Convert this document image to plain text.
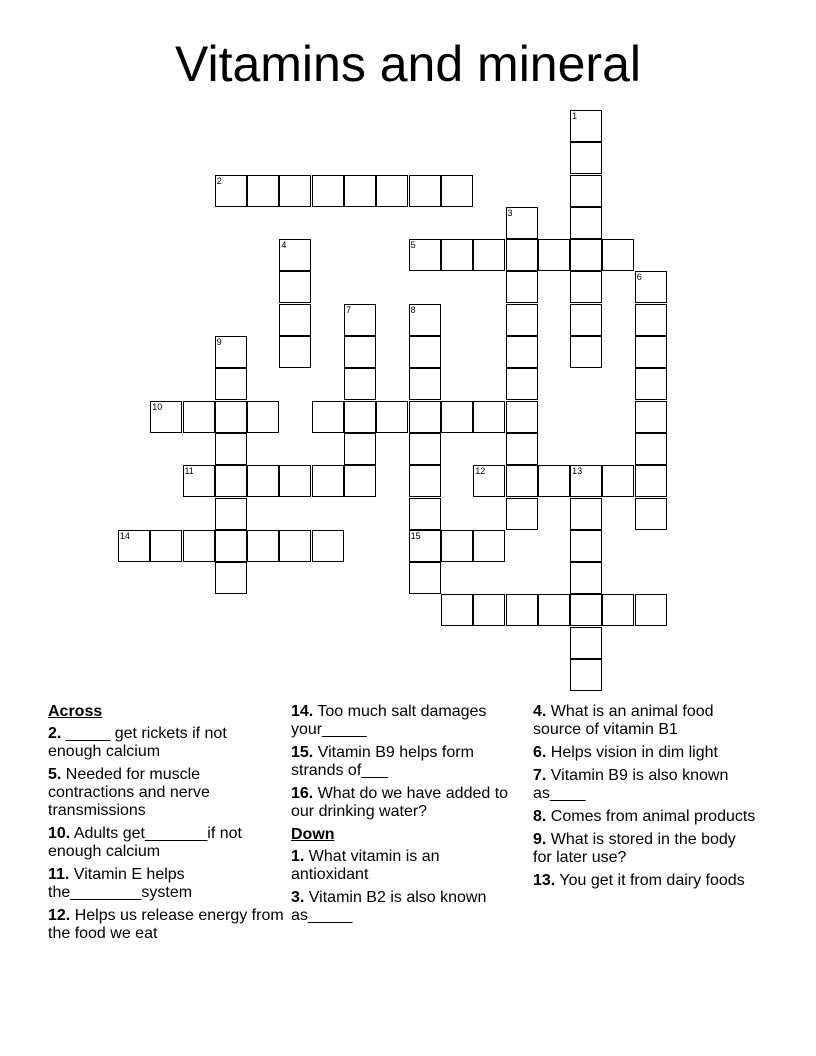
Vitamins and mineral
1
2
3
4	5
6
7	8
15
9
10
11	12	13
14
Across
2. _____ get rickets if not enough calcium
5. Needed for muscle contractions and nerve transmissions
10. Adults get_______if not enough calcium
11. Vitamin E helps the________system
12. Helps us release energy from the food we eat
14. Too much salt damages your_____
15. Vitamin B9 helps form strands of___
16. What do we have added to our drinking water?
Down
1. What vitamin is an antioxidant
3. Vitamin B2 is also known as_____
4. What is an animal food source of vitamin B1
6. Helps vision in dim light
7. Vitamin B9 is also known as____
8. Comes from animal products
9. What is stored in the body for later use?
13. You get it from dairy foods
